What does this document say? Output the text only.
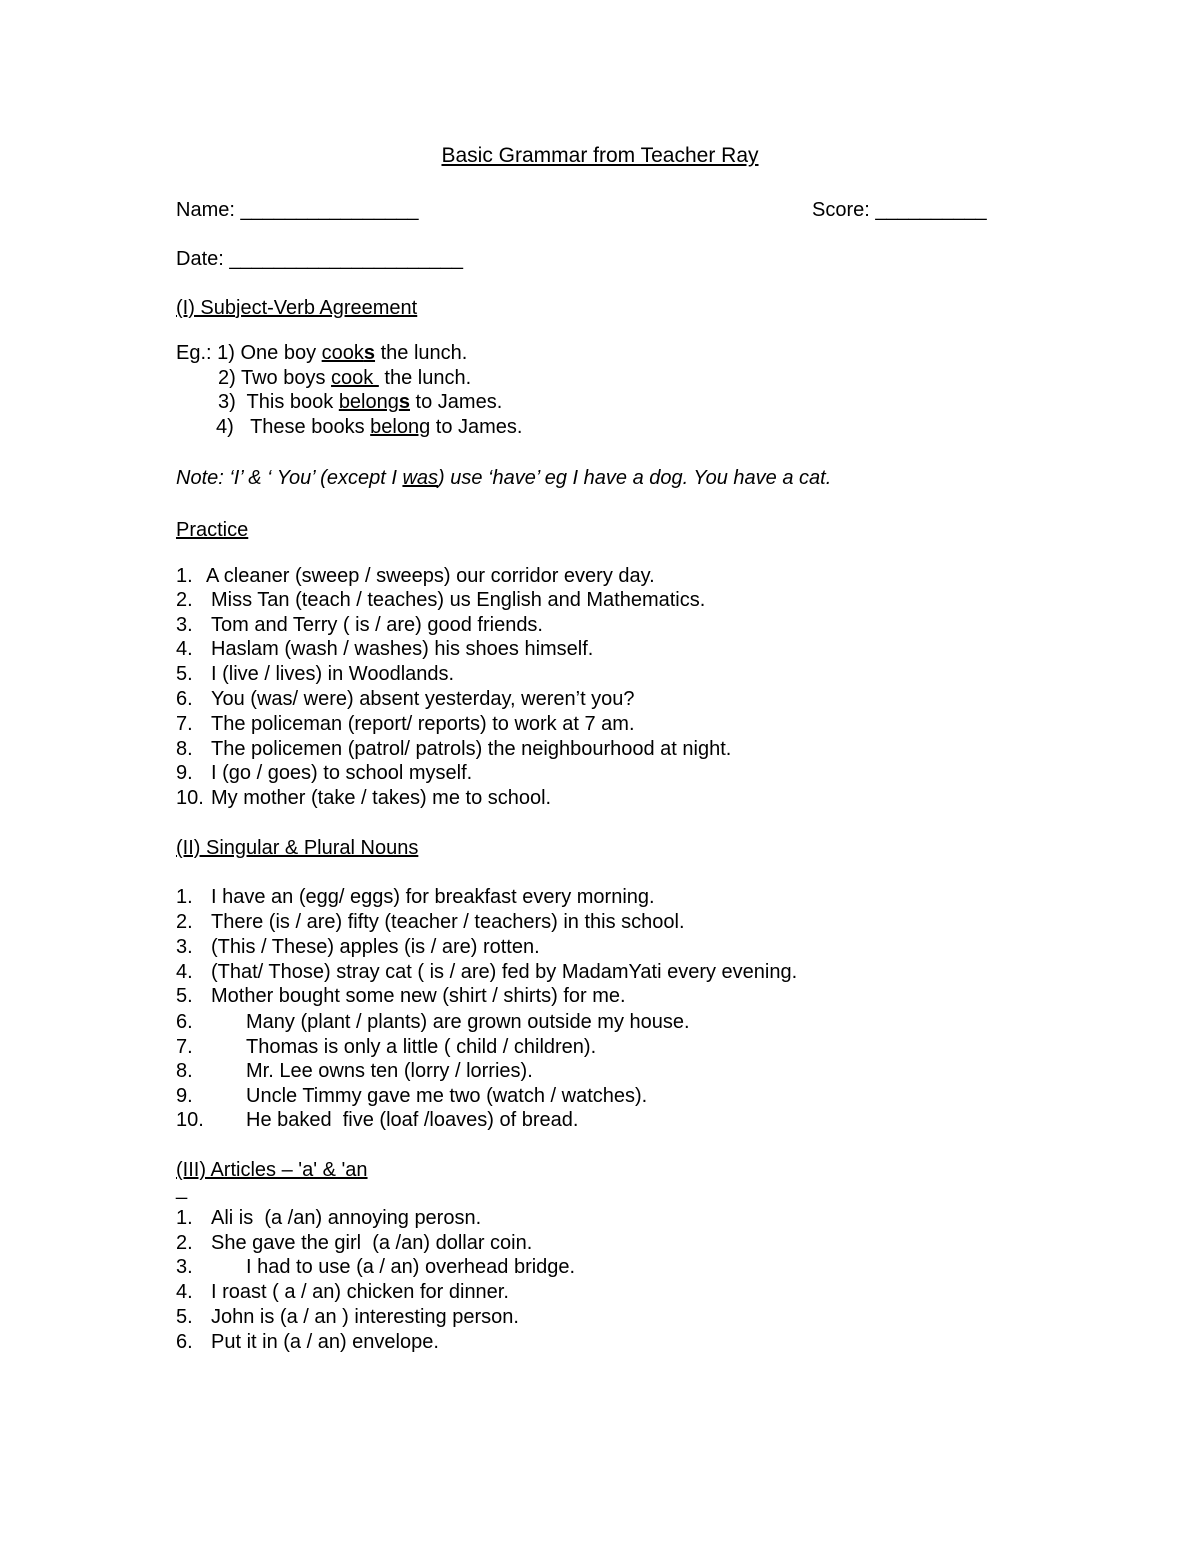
Basic Grammar from Teacher Ray
Name: ________________	Score: __________
Date: _____________________
(I) Subject-Verb Agreement
Eg.: 1) One boy cooks the lunch.
2) Two boys cook  the lunch.
3)  This book belongs to James.
4)   These books belong to James.
Note: ‘I’ & ‘ You’ (except I was) use ‘have’ eg I have a dog. You have a cat.
Practice
1. A cleaner (sweep / sweeps) our corridor every day.
2. Miss Tan (teach / teaches) us English and Mathematics.
3. Tom and Terry ( is / are) good friends.
4. Haslam (wash / washes) his shoes himself.
5. I (live / lives) in Woodlands.
6. You (was/ were) absent yesterday, weren’t you?
7. The policeman (report/ reports) to work at 7 am.
8. The policemen (patrol/ patrols) the neighbourhood at night.
9. I (go / goes) to school myself.
10. My mother (take / takes) me to school.
(II) Singular & Plural Nouns
1. I have an (egg/ eggs) for breakfast every morning.
2. There (is / are) fifty (teacher / teachers) in this school.
3. (This / These) apples (is / are) rotten.
4. (That/ Those) stray cat ( is / are) fed by MadamYati every evening.
5. Mother bought some new (shirt / shirts) for me.
6.	Many (plant / plants) are grown outside my house.
7.	Thomas is only a little ( child / children).
8.	Mr. Lee owns ten (lorry / lorries).
9.	Uncle Timmy gave me two (watch / watches).
10. He baked  five (loaf /loaves) of bread.
(III) Articles – 'a' & 'an
_
1. Ali is  (a /an) annoying perosn.
2. She gave the girl  (a /an) dollar coin.
3.	I had to use (a / an) overhead bridge.
4. I roast ( a / an) chicken for dinner.
5. John is (a / an ) interesting person.
6. Put it in (a / an) envelope.
